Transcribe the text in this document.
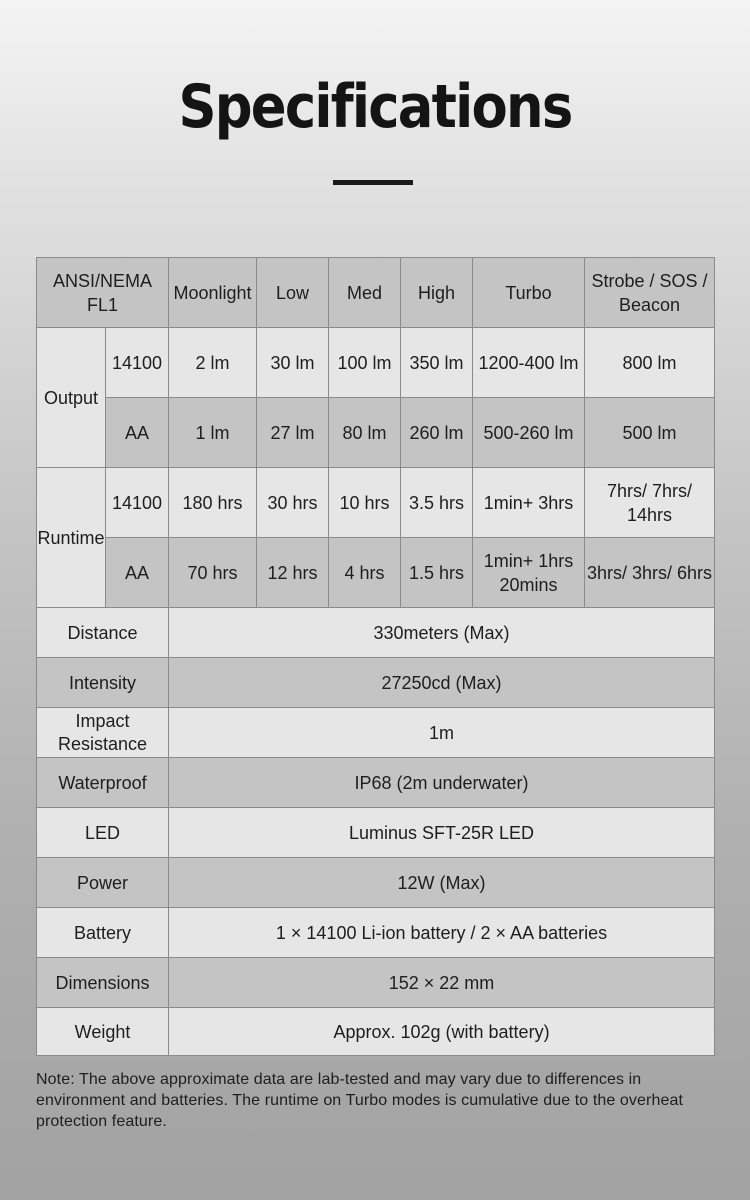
Specifications
ANSI/NEMA FL1		Moonlight	Low	Med	High	Turbo	Strobe / SOS / Beacon
Output	14100	2 lm	30 lm	100 lm	350 lm	1200-400 lm	800 lm
	AA	1 lm	27 lm	80 lm	260 lm	500-260 lm	500 lm
Runtime	14100	180 hrs	30 hrs	10 hrs	3.5 hrs	1min+ 3hrs	7hrs/ 7hrs/ 14hrs
	AA	70 hrs	12 hrs	4 hrs	1.5 hrs	1min+ 1hrs 20mins	3hrs/ 3hrs/ 6hrs
Distance		330meters (Max)					
Intensity		27250cd (Max)					
Impact Resistance		1m					
Waterproof		IP68 (2m underwater)					
LED		Luminus SFT-25R LED					
Power		12W (Max)					
Battery		1 × 14100 Li-ion battery / 2 × AA batteries					
Dimensions		152 × 22 mm					
Weight		Approx. 102g (with battery)					
Note: The above approximate data are lab-tested and may vary due to differences in environment and batteries. The runtime on Turbo modes is cumulative due to the overheat protection feature.
